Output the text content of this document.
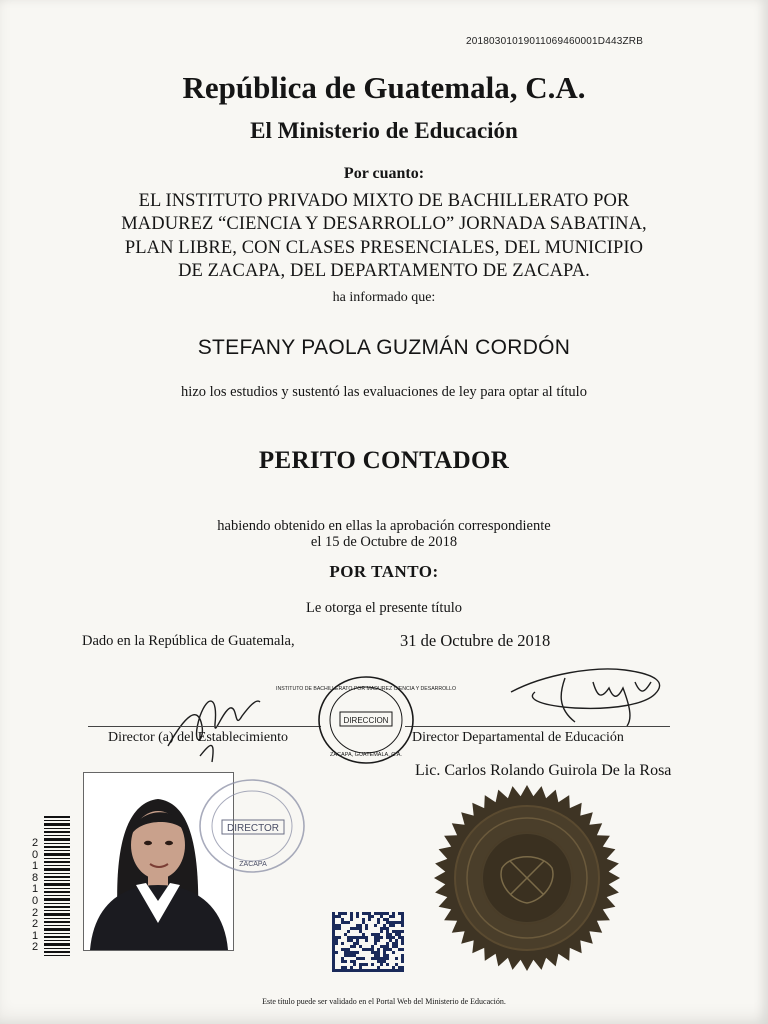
20180301019011069460001D443ZRB
República de Guatemala, C.A.
El Ministerio de Educación
Por cuanto:
EL INSTITUTO PRIVADO MIXTO DE BACHILLERATO POR
MADUREZ “CIENCIA Y DESARROLLO” JORNADA SABATINA,
PLAN LIBRE, CON CLASES PRESENCIALES, DEL MUNICIPIO
DE ZACAPA, DEL DEPARTAMENTO DE ZACAPA.
ha informado que:
STEFANY PAOLA GUZMÁN CORDÓN
hizo los estudios y sustentó las evaluaciones de ley para optar al título
PERITO CONTADOR
habiendo obtenido en ellas la aprobación correspondiente
el 15 de Octubre de 2018
POR TANTO:
Le otorga el presente título
Dado en la República de Guatemala,	31 de Octubre de 2018
Director (a) del Establecimiento	Director Departamental de Educación
Lic. Carlos Rolando Guirola De la Rosa
DIRECCION
INSTITUTO DE BACHILLERATO POR MADUREZ CIENCIA Y DESARROLLO
ZACAPA, GUATEMALA, C.A.
DIRECTOR
ZACAPA
2
0
1
8
1
0
2
2
1
2
Este título puede ser validado en el Portal Web del Ministerio de Educación.
